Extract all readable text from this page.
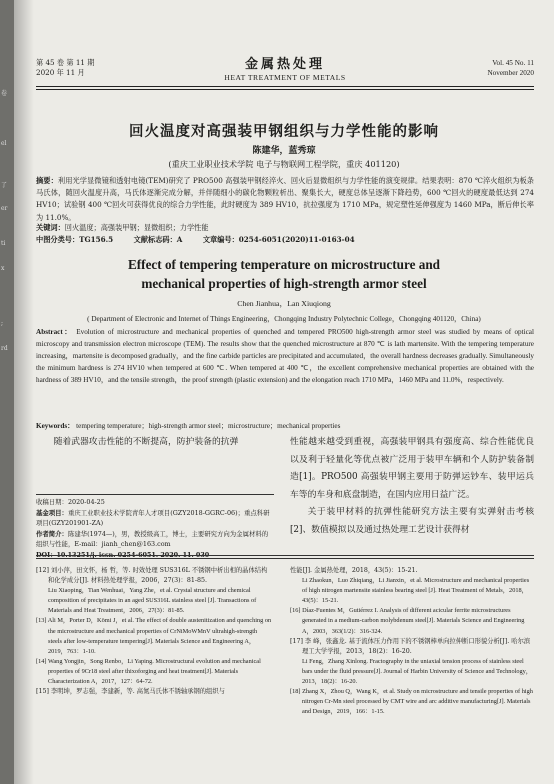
卷
el
了
er
ti
x
;
rd
第 45 卷 第 11 期
2020 年 11 月
金属热处理
HEAT TREATMENT OF METALS
Vol. 45 No. 11
November 2020
回火温度对高强装甲钢组织与力学性能的影响
陈建华，蓝秀琼
(重庆工业职业技术学院 电子与物联网工程学院，重庆 401120)
摘要：利用光学显微镜和透射电镜(TEM)研究了 PRO500 高强装甲钢经淬火、回火后显微组织与力学性能的演变规律。结果表明：870 ℃淬火组织为板条马氏体，随回火温度升高，马氏体逐渐完成分解，并伴随细小的碳化物颗粒析出、聚集长大，硬度总体呈逐渐下降趋势，600 ℃回火的硬度最低达到 274 HV10；试验钢 400 ℃回火可获得优良的综合力学性能，此时硬度为 389 HV10，抗拉强度为 1710 MPa，规定塑性延伸强度为 1460 MPa，断后伸长率为 11.0%。
关键词：回火温度；高强装甲钢；显微组织；力学性能
中图分类号：TG156.5	文献标志码：A	文章编号：0254-6051(2020)11-0163-04
Effect of tempering temperature on microstructure and mechanical properties of high-strength armor steel
Chen Jianhua，Lan Xiuqiong
( Department of Electronic and Internet of Things Engineering，Chongqing Industry Polytechnic College，Chongqing 401120，China)
Abstract： Evolution of microstructure and mechanical properties of quenched and tempered PRO500 high-strength armor steel was studied by means of optical microscopy and transmission electron microscope (TEM). The results show that the quenched microstructure at 870 ℃ is lath martensite. With the tempering temperature increasing，martensite is decomposed gradually，and the fine carbide particles are precipitated and accumulated，the overall hardness decreases gradually. Simultaneously the minimum hardness is 274 HV10 when tempered at 600 ℃. When tempered at 400 ℃，the excellent comprehensive mechanical properties are obtained with the hardness of 389 HV10，and the tensile strength，the proof strength (plastic extension) and the elongation reach 1710 MPa，1460 MPa and 11.0%，respectively.
Keywords： tempering temperature；high-strength armor steel；microstructure；mechanical properties
随着武器攻击性能的不断提高，防护装备的抗弹	性能越来越受到重视，高强装甲钢具有强度高、综合性能优良以及利于轻量化等优点被广泛用于装甲车辆和个人防护装备制造[1]。PRO500 高强装甲钢主要用于防弹运钞车、装甲运兵车等的车身和底盘制造，在国内应用日益广泛。
关于装甲材料的抗弹性能研究方法主要有实弹射击考核[2]、数值模拟以及通过热处理工艺设计获得材
收稿日期：2020-04-25
基金项目：重庆工业职业技术学院青年人才项目(GZY2018-GGRC-06)；重点科研项目(GZY201901-ZA)
作者简介：陈建华(1974—)，男，教授级高工，博士，主要研究方向为金属材料的组织与性能，E-mail：jianh_chen@163.com

[12] 刘小萍，田文怀，杨 哲，等. 时效处理 SUS316L 不锈钢中析出相的晶体结构和化学成分[J]. 材料热处理学报，2006，27(3)：81-85.
Liu Xiaoping，Tian Wenhuai，Yang Zhe，et al. Crystal structure and chemical composition of precipitates in an aged SUS316L stainless steel [J]. Transactions of Materials and Heat Treatment，2006，27(3)：81-85.

[13] Ali M，Porter D，Kömi J，et al. The effect of double austenitization and quenching on the microstructure and mechanical properties of CrNiMoWMnV ultrahigh-strength steels after low-temperature tempering[J]. Materials Science and Engineering A，2019，763：1-10.

[14] Wang Yongjin，Song Renbo，Li Yaping. Microstructural evolution and mechanical properties of 9Cr18 steel after thixoforging and heat treatment[J]. Materials Characterization A，2017，127：64-72.

[15] 李明坤，罗志强，李建新，等. 高氮马氏体不锈轴承钢的组织与

性能[J]. 金属热处理，2018，43(5)：15-21.
Li Zhaokun，Luo Zhiqiang，Li Jianxin，et al. Microstructure and mechanical properties of high nitrogen martensite stainless bearing steel [J]. Heat Treatment of Metals，2018，43(5)：15-21.

[16] Díaz-Fuentes M，Gutiérrez I. Analysis of different acicular ferrite microstructures generated in a medium-carbon molybdenum steel[J]. Materials Science and Engineering A，2003，363(1/2)：316-324.

[17] 李 峰，张鑫龙. 基于流体压力作用下的不锈钢棒单向拉伸断口形貌分析[J]. 哈尔滨理工大学学报，2013，18(2)：16-20.
Li Feng，Zhang Xinlong. Fractography in the uniaxial tension process of stainless steel bars under the fluid pressure[J]. Journal of Harbin University of Science and Technology，2013，18(2)：16-20.

[18] Zhang X，Zhou Q，Wang K，et al. Study on microstructure and tensile properties of high nitrogen Cr-Mn steel processed by CMT wire and arc additive manufacturing[J]. Materials and Design，2019，166：1-15.
